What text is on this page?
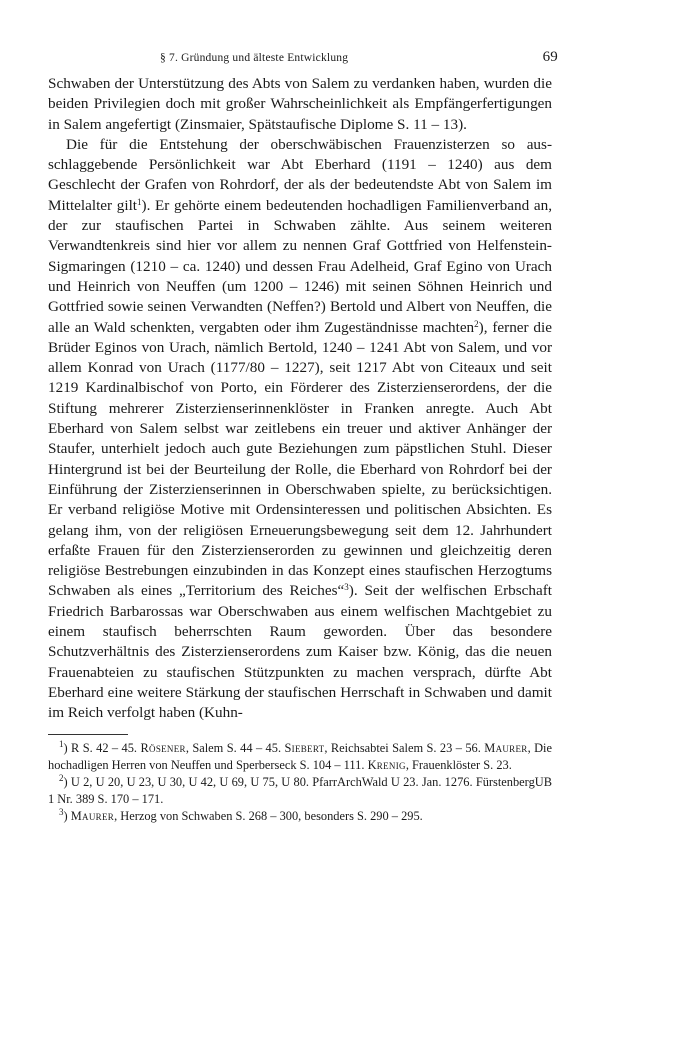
§ 7. Gründung und älteste Entwicklung	69

Schwaben der Unterstützung des Abts von Salem zu verdanken haben, wurden die beiden Privilegien doch mit großer Wahrscheinlichkeit als Empfängerfertigungen in Salem angefertigt (Zinsmaier, Spätstaufische Diplome S. 11 – 13).

Die für die Entstehung der oberschwäbischen Frauenzisterzen so ausschlaggebende Persönlichkeit war Abt Eberhard (1191 – 1240) aus dem Geschlecht der Grafen von Rohrdorf, der als der bedeutendste Abt von Salem im Mittelalter gilt$^1$). Er gehörte einem bedeutenden hochadligen Familienverband an, der zur staufischen Partei in Schwaben zählte. Aus seinem weiteren Verwandtenkreis sind hier vor allem zu nennen Graf Gottfried von Helfenstein-Sigmaringen (1210 – ca. 1240) und dessen Frau Adelheid, Graf Egino von Urach und Heinrich von Neuffen (um 1200 – 1246) mit seinen Söhnen Heinrich und Gottfried sowie seinen Verwandten (Neffen?) Bertold und Albert von Neuffen, die alle an Wald schenkten, vergabten oder ihm Zugeständnisse machten$^2$), ferner die Brüder Eginos von Urach, nämlich Bertold, 1240 – 1241 Abt von Salem, und vor allem Konrad von Urach (1177/80 – 1227), seit 1217 Abt von Citeaux und seit 1219 Kardinalbischof von Porto, ein Förderer des Zisterzienserordens, der die Stiftung mehrerer Zisterzienserinnenklöster in Franken anregte. Auch Abt Eberhard von Salem selbst war zeitlebens ein treuer und aktiver Anhänger der Staufer, unterhielt jedoch auch gute Beziehungen zum päpstlichen Stuhl. Dieser Hintergrund ist bei der Beurteilung der Rolle, die Eberhard von Rohrdorf bei der Einführung der Zisterzienserinnen in Oberschwaben spielte, zu berücksichtigen. Er verband religiöse Motive mit Ordensinteressen und politischen Absichten. Es gelang ihm, von der religiösen Erneuerungsbewegung seit dem 12. Jahrhundert erfaßte Frauen für den Zisterzienserorden zu gewinnen und gleichzeitig deren religiöse Bestrebungen einzubinden in das Konzept eines staufischen Herzogtums Schwaben als eines „Territorium des Reiches“$^3$). Seit der welfischen Erbschaft Friedrich Barbarossas war Oberschwaben aus einem welfischen Machtgebiet zu einem staufisch beherrschten Raum geworden. Über das besondere Schutzverhältnis des Zisterzienserordens zum Kaiser bzw. König, das die neuen Frauenabteien zu staufischen Stützpunkten zu machen versprach, dürfte Abt Eberhard eine weitere Stärkung der staufischen Herrschaft in Schwaben und damit im Reich verfolgt haben (Kuhn-

$^1$) R S. 42 – 45. Rösener, Salem S. 44 – 45. Siebert, Reichsabtei Salem S. 23 – 56. Maurer, Die hochadligen Herren von Neuffen und Sperberseck S. 104 – 111. Krenig, Frauenklöster S. 23.

$^2$) U 2, U 20, U 23, U 30, U 42, U 69, U 75, U 80. PfarrArchWald U 23. Jan. 1276. FürstenbergUB 1 Nr. 389 S. 170 – 171.

$^3$) Maurer, Herzog von Schwaben S. 268 – 300, besonders S. 290 – 295.
